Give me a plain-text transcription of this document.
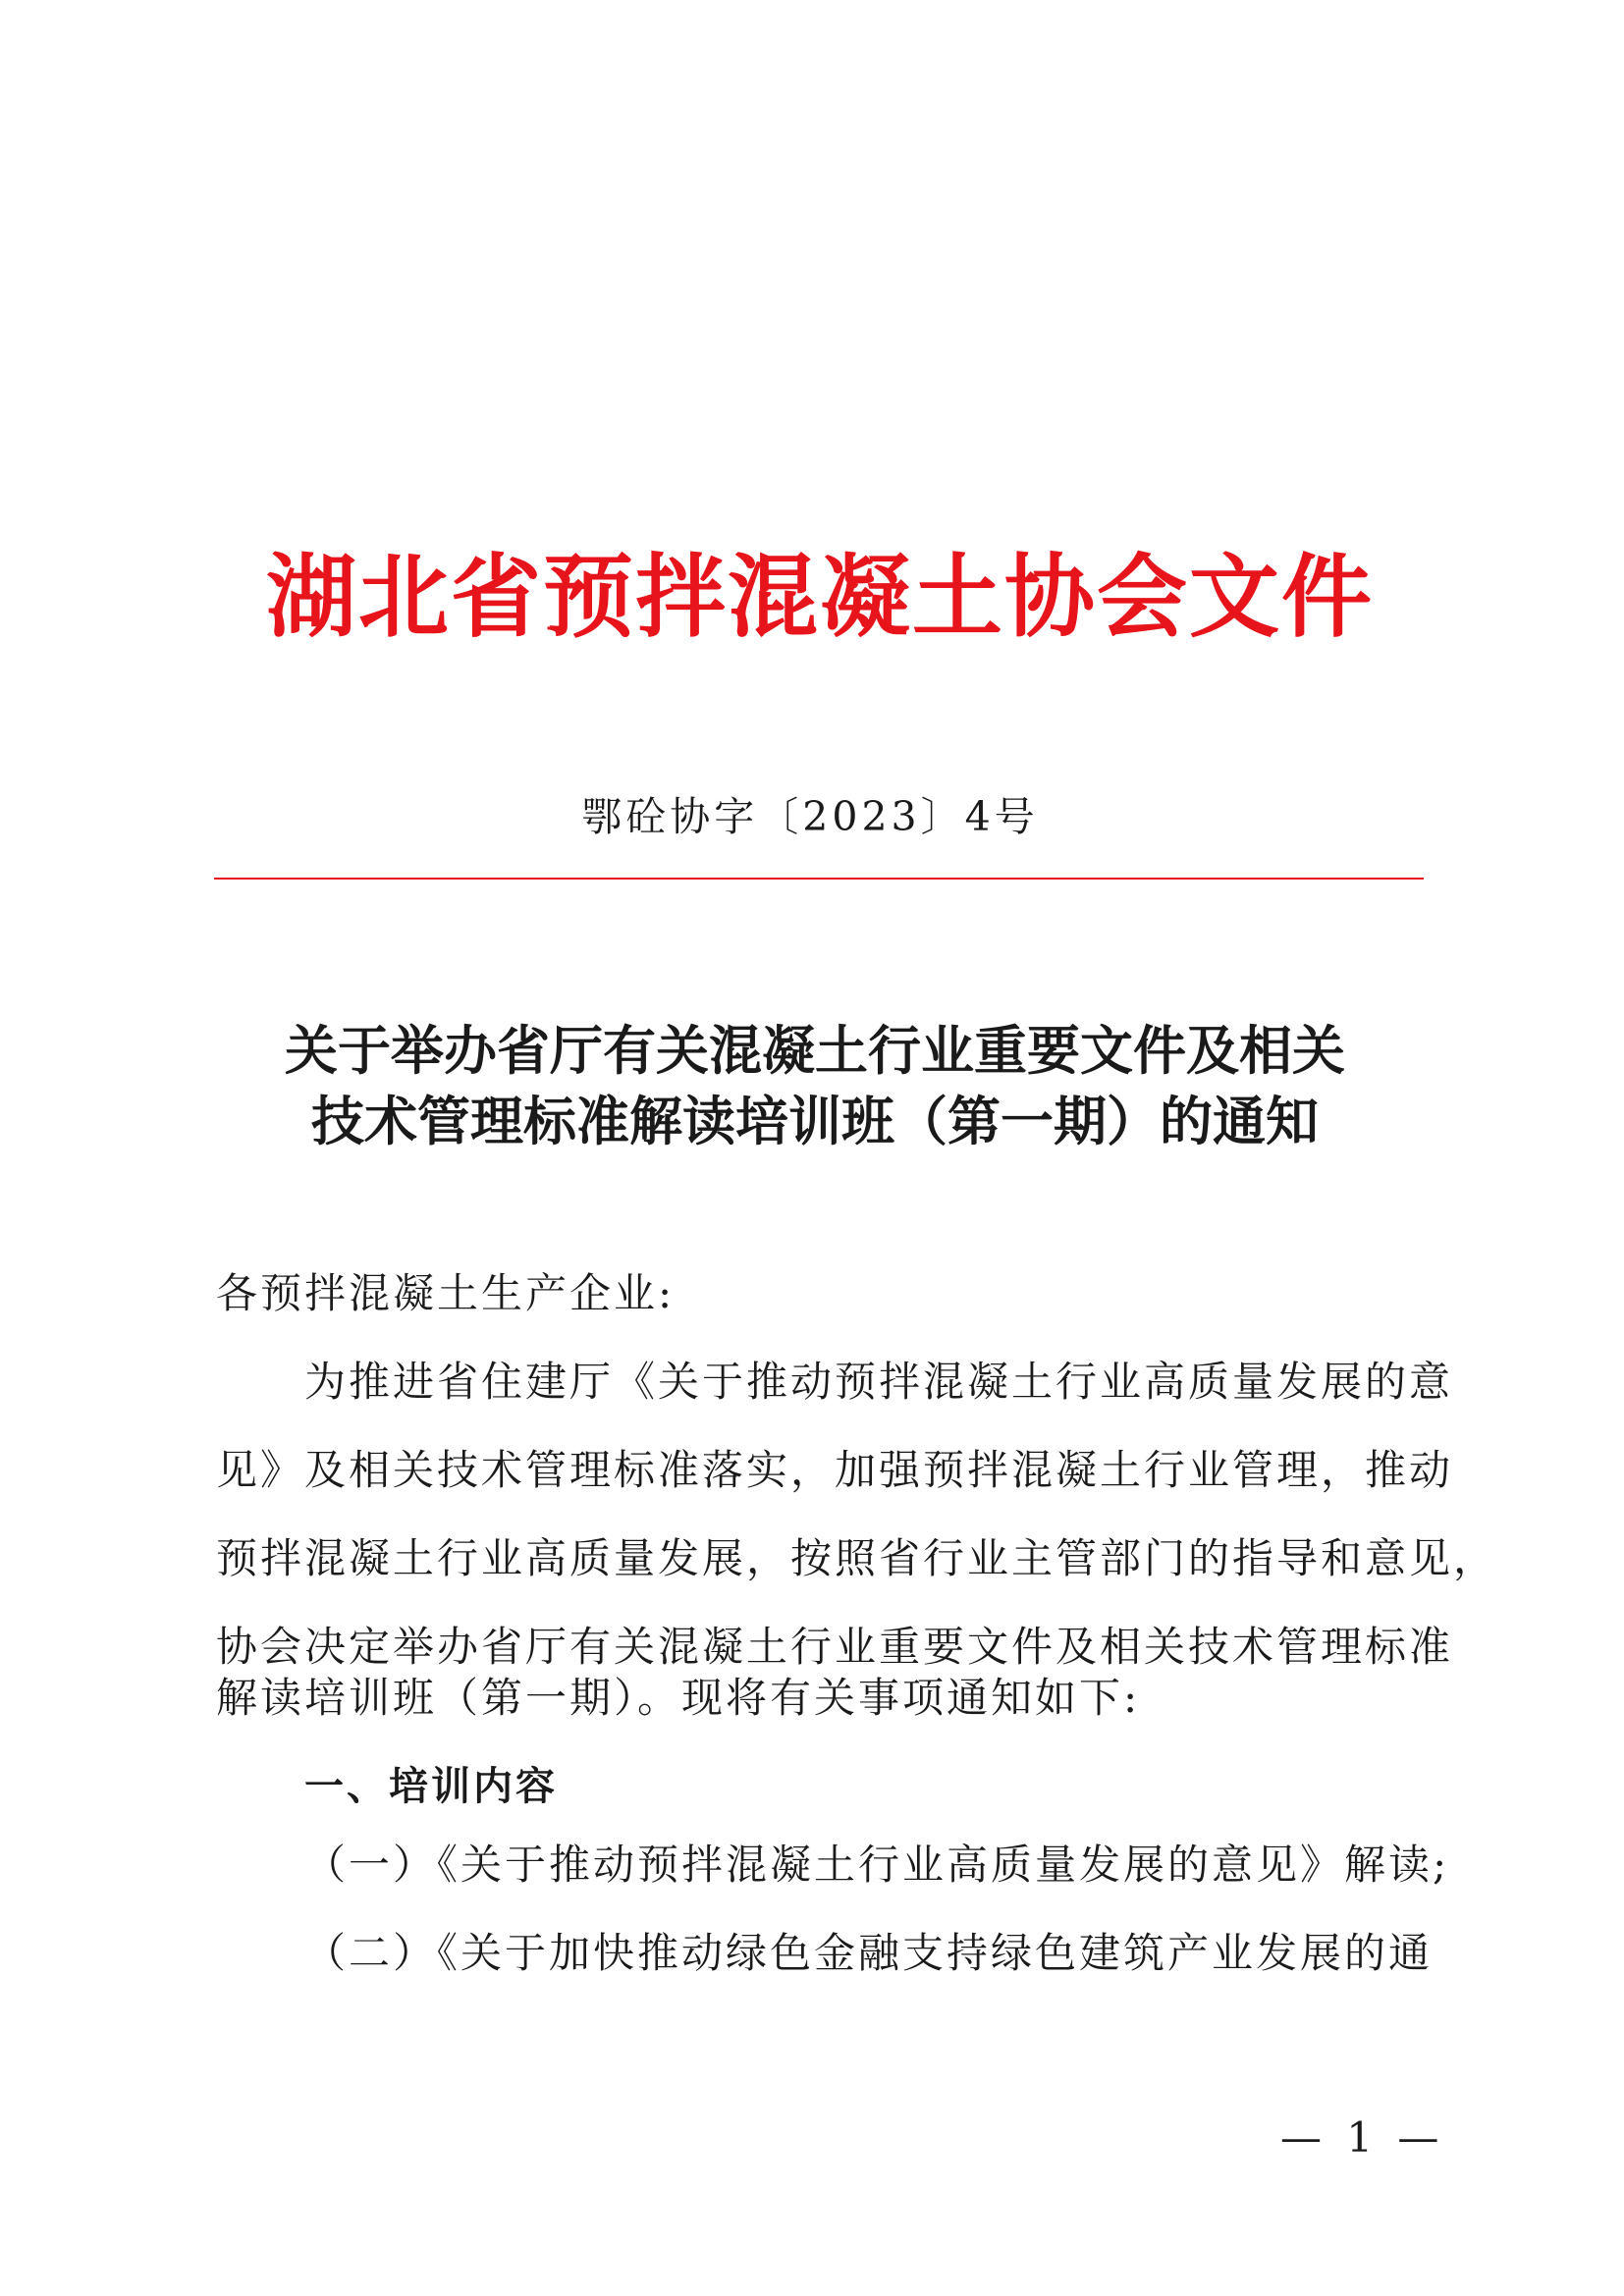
湖北省预拌混凝土协会文件
鄂砼协字〔2023〕4号
关于举办省厅有关混凝土行业重要文件及相关
技术管理标准解读培训班（第一期）的通知
各预拌混凝土生产企业:
为推进省住建厅《关于推动预拌混凝土行业高质量发展的意
见》及相关技术管理标准落实，加强预拌混凝土行业管理，推动
预拌混凝土行业高质量发展，按照省行业主管部门的指导和意见，
协会决定举办省厅有关混凝土行业重要文件及相关技术管理标准
解读培训班（第一期）。现将有关事项通知如下:
一、培训内容
（一）《关于推动预拌混凝土行业高质量发展的意见》解读;
（二）《关于加快推动绿色金融支持绿色建筑产业发展的通
— 1 —
